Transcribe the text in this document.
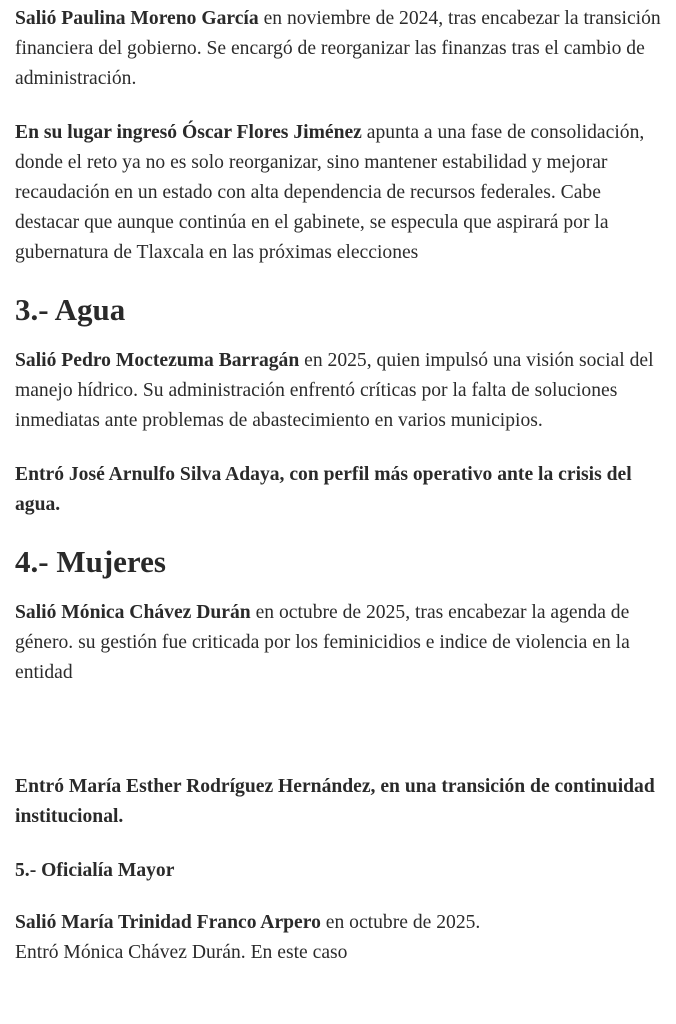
Salió Paulina Moreno García en noviembre de 2024, tras encabezar la transición financiera del gobierno. Se encargó de reorganizar las finanzas tras el cambio de administración.

En su lugar ingresó Óscar Flores Jiménez apunta a una fase de consolidación, donde el reto ya no es solo reorganizar, sino mantener estabilidad y mejorar recaudación en un estado con alta dependencia de recursos federales. Cabe destacar que aunque continúa en el gabinete, se especula que aspirará por la gubernatura de Tlaxcala en las próximas elecciones

3.- Agua

Salió Pedro Moctezuma Barragán en 2025, quien impulsó una visión social del manejo hídrico. Su administración enfrentó críticas por la falta de soluciones inmediatas ante problemas de abastecimiento en varios municipios.

Entró José Arnulfo Silva Adaya, con perfil más operativo ante la crisis del agua.

4.- Mujeres

Salió Mónica Chávez Durán en octubre de 2025, tras encabezar la agenda de género. su gestión fue criticada por los feminicidios e indice de violencia en la entidad

Entró María Esther Rodríguez Hernández, en una transición de continuidad institucional.

5.- Oficialía Mayor

Salió María Trinidad Franco Arpero en octubre de 2025.
Entró Mónica Chávez Durán. En este caso
